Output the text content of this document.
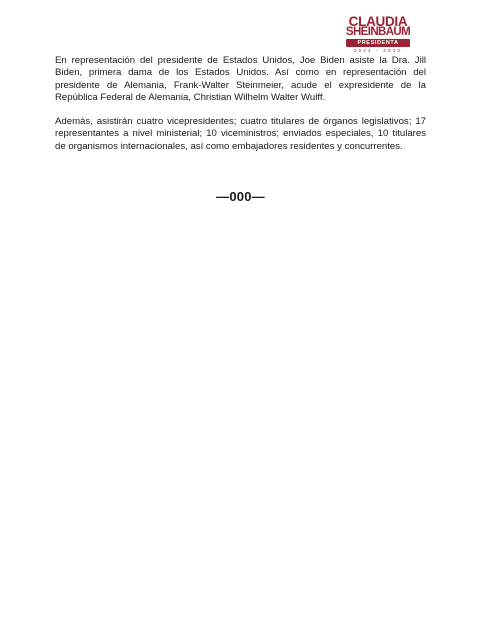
CLAUDIA
SHEINBAUM
PRESIDENTA
2024 - 2030

En representación del presidente de Estados Unidos, Joe Biden asiste la Dra. Jill Biden, primera dama de los Estados Unidos. Así como en representación del presidente de Alemania, Frank-Walter Steinmeier, acude el expresidente de la República Federal de Alemania, Christian Wilhelm Walter Wulff.

Además, asistirán cuatro vicepresidentes; cuatro titulares de órganos legislativos; 17 representantes a nivel ministerial; 10 viceministros; enviados especiales, 10 titulares de organismos internacionales, así como embajadores residentes y concurrentes.

—000—
